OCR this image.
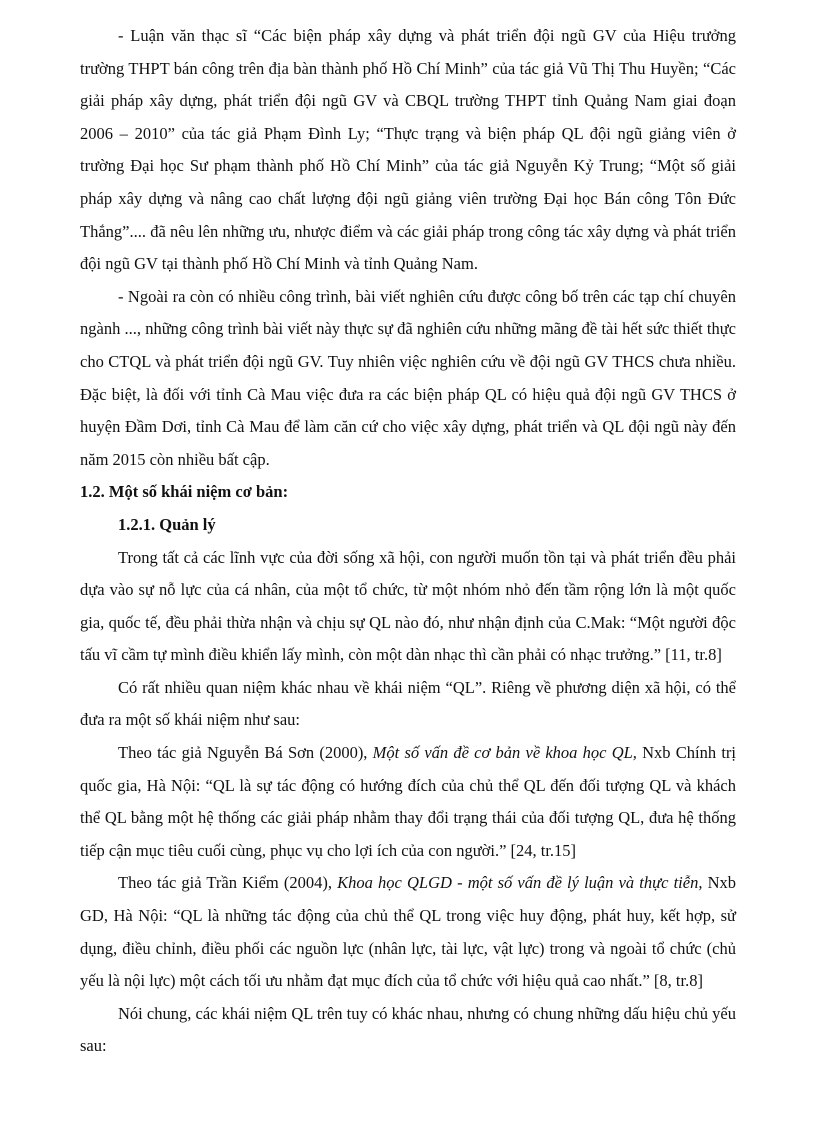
- Luận văn thạc sĩ “Các biện pháp xây dựng và phát triển đội ngũ GV của Hiệu trưởng trường THPT bán công trên địa bàn thành phố Hồ Chí Minh” của tác giả Vũ Thị Thu Huyền; “Các giải pháp xây dựng, phát triển đội ngũ GV và CBQL trường THPT tỉnh Quảng Nam giai đoạn 2006 – 2010” của tác giả Phạm Đình Ly; “Thực trạng và biện pháp QL đội ngũ giảng viên ở trường Đại học Sư phạm thành phố Hồ Chí Minh” của tác giả Nguyễn Kỷ Trung; “Một số giải pháp xây dựng và nâng cao chất lượng đội ngũ giảng viên trường Đại học Bán công Tôn Đức Thắng”.... đã nêu lên những ưu, nhược điểm và các giải pháp trong công tác xây dựng và phát triển đội ngũ GV tại thành phố Hồ Chí Minh và tỉnh Quảng Nam.

- Ngoài ra còn có nhiều công trình, bài viết nghiên cứu được công bố trên các tạp chí chuyên ngành ..., những công trình bài viết này thực sự đã nghiên cứu những mãng đề tài hết sức thiết thực cho CTQL và phát triển đội ngũ GV. Tuy nhiên việc nghiên cứu về đội ngũ GV THCS chưa nhiều. Đặc biệt, là đối với tỉnh Cà Mau việc đưa ra các biện pháp QL có hiệu quả đội ngũ GV THCS ở huyện Đầm Dơi, tỉnh Cà Mau để làm căn cứ cho việc xây dựng, phát triển và QL đội ngũ này đến năm 2015 còn nhiều bất cập.

1.2. Một số khái niệm cơ bản:

1.2.1. Quản lý

Trong tất cả các lĩnh vực của đời sống xã hội, con người muốn tồn tại và phát triển đều phải dựa vào sự nỗ lực của cá nhân, của một tổ chức, từ một nhóm nhỏ đến tầm rộng lớn là một quốc gia, quốc tế, đều phải thừa nhận và chịu sự QL nào đó, như nhận định của C.Mak: “Một người độc tấu vĩ cầm tự mình điều khiển lấy mình, còn một dàn nhạc thì cần phải có nhạc trưởng.” [11, tr.8]

Có rất nhiều quan niệm khác nhau về khái niệm “QL”. Riêng về phương diện xã hội, có thể đưa ra một số khái niệm như sau:

Theo tác giả Nguyễn Bá Sơn (2000), Một số vấn đề cơ bản về khoa học QL, Nxb Chính trị quốc gia, Hà Nội: “QL là sự tác động có hướng đích của chủ thể QL đến đối tượng QL và khách thể QL bằng một hệ thống các giải pháp nhằm thay đổi trạng thái của đối tượng QL, đưa hệ thống tiếp cận mục tiêu cuối cùng, phục vụ cho lợi ích của con người.” [24, tr.15]

Theo tác giả Trần Kiểm (2004), Khoa học QLGD - một số vấn đề lý luận và thực tiễn, Nxb GD, Hà Nội: “QL là những tác động của chủ thể QL trong việc huy động, phát huy, kết hợp, sử dụng, điều chỉnh, điều phối các nguồn lực (nhân lực, tài lực, vật lực) trong và ngoài tổ chức (chủ yếu là nội lực) một cách tối ưu nhằm đạt mục đích của tổ chức với hiệu quả cao nhất.” [8, tr.8]

Nói chung, các khái niệm QL trên tuy có khác nhau, nhưng có chung những dấu hiệu chủ yếu sau:
